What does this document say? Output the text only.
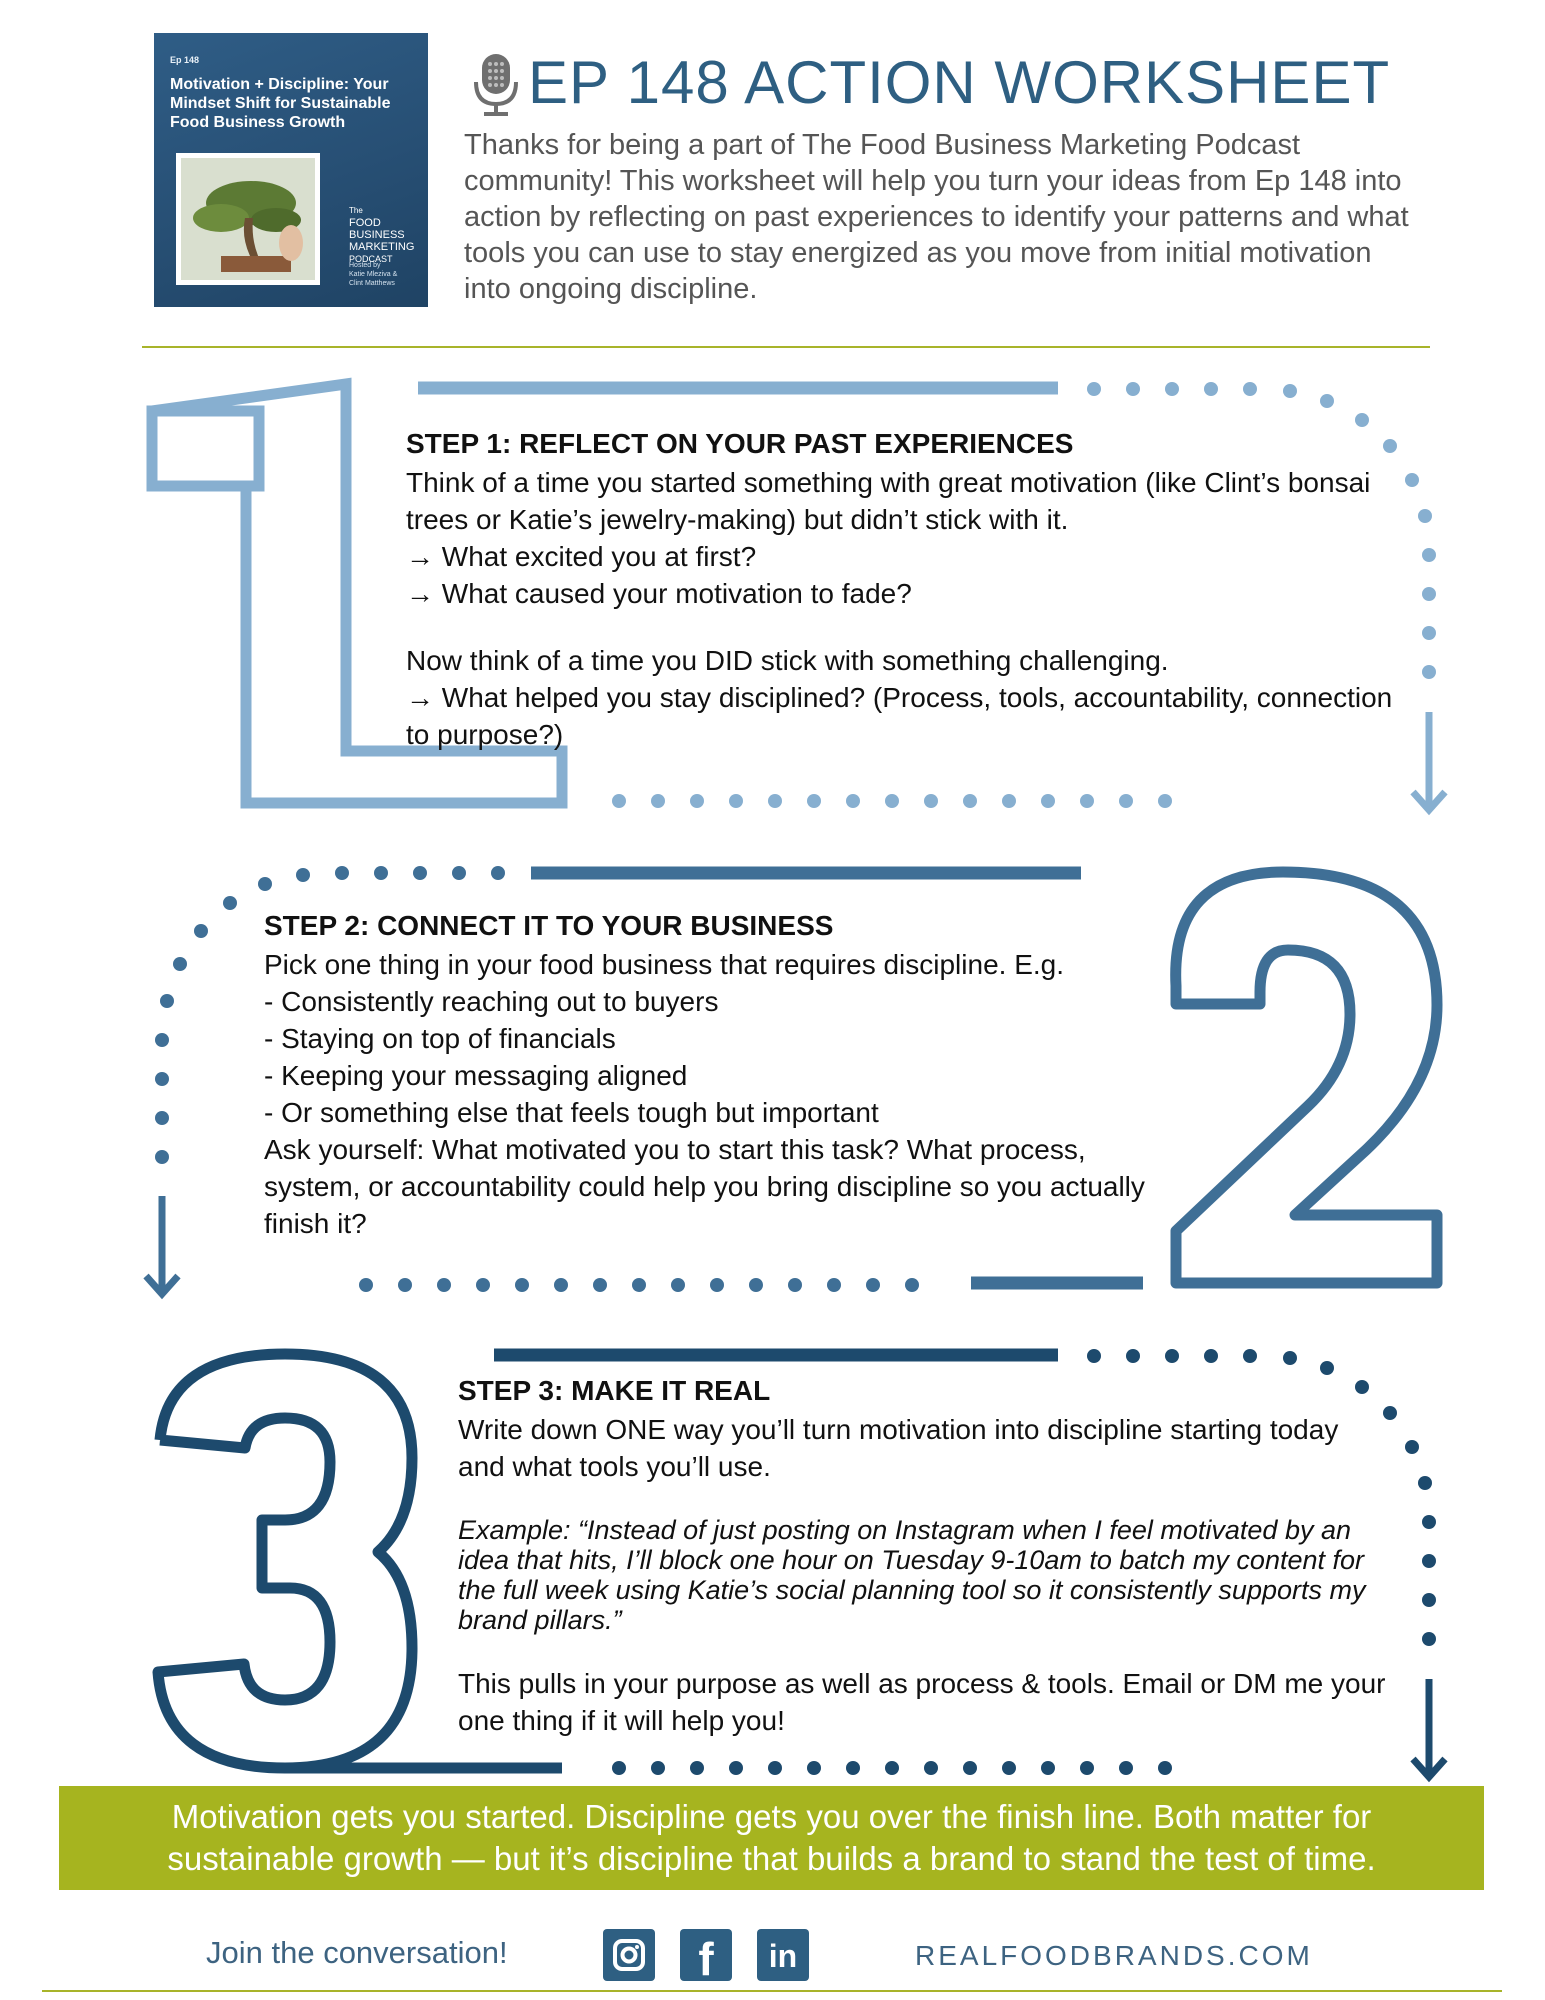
Ep 148
Motivation + Discipline: Your Mindset Shift for Sustainable Food Business Growth
The
FOOD
BUSINESS
MARKETING
PODCAST
Hosted by
Katie Mleziva &
Clint Matthews
EP 148 ACTION WORKSHEET
Thanks for being a part of The Food Business Marketing Podcast community! This worksheet will help you turn your ideas from Ep 148 into action by reflecting on past experiences to identify your patterns and what tools you can use to stay energized as you move from initial motivation into ongoing discipline.
STEP 1: REFLECT ON YOUR PAST EXPERIENCES
Think of a time you started something with great motivation (like Clint’s bonsai trees or Katie’s jewelry-making) but didn’t stick with it.
→ What excited you at first?
→ What caused your motivation to fade?
Now think of a time you DID stick with something challenging.
→ What helped you stay disciplined? (Process, tools, accountability, connection to purpose?)
STEP 2: CONNECT IT TO YOUR BUSINESS
Pick one thing in your food business that requires discipline. E.g.
- Consistently reaching out to buyers
- Staying on top of financials
- Keeping your messaging aligned
- Or something else that feels tough but important
Ask yourself: What motivated you to start this task? What process, system, or accountability could help you bring discipline so you actually finish it?
STEP 3: MAKE IT REAL
Write down ONE way you’ll turn motivation into discipline starting today and what tools you’ll use.
Example: “Instead of just posting on Instagram when I feel motivated by an idea that hits, I’ll block one hour on Tuesday 9-10am to batch my content for the full week using Katie’s social planning tool so it consistently supports my brand pillars.”
This pulls in your purpose as well as process & tools. Email or DM me your one thing if it will help you!
Motivation gets you started. Discipline gets you over the finish line. Both matter for
sustainable growth — but it’s discipline that builds a brand to stand the test of time.
Join the conversation!	f	in	REALFOODBRANDS.COM
